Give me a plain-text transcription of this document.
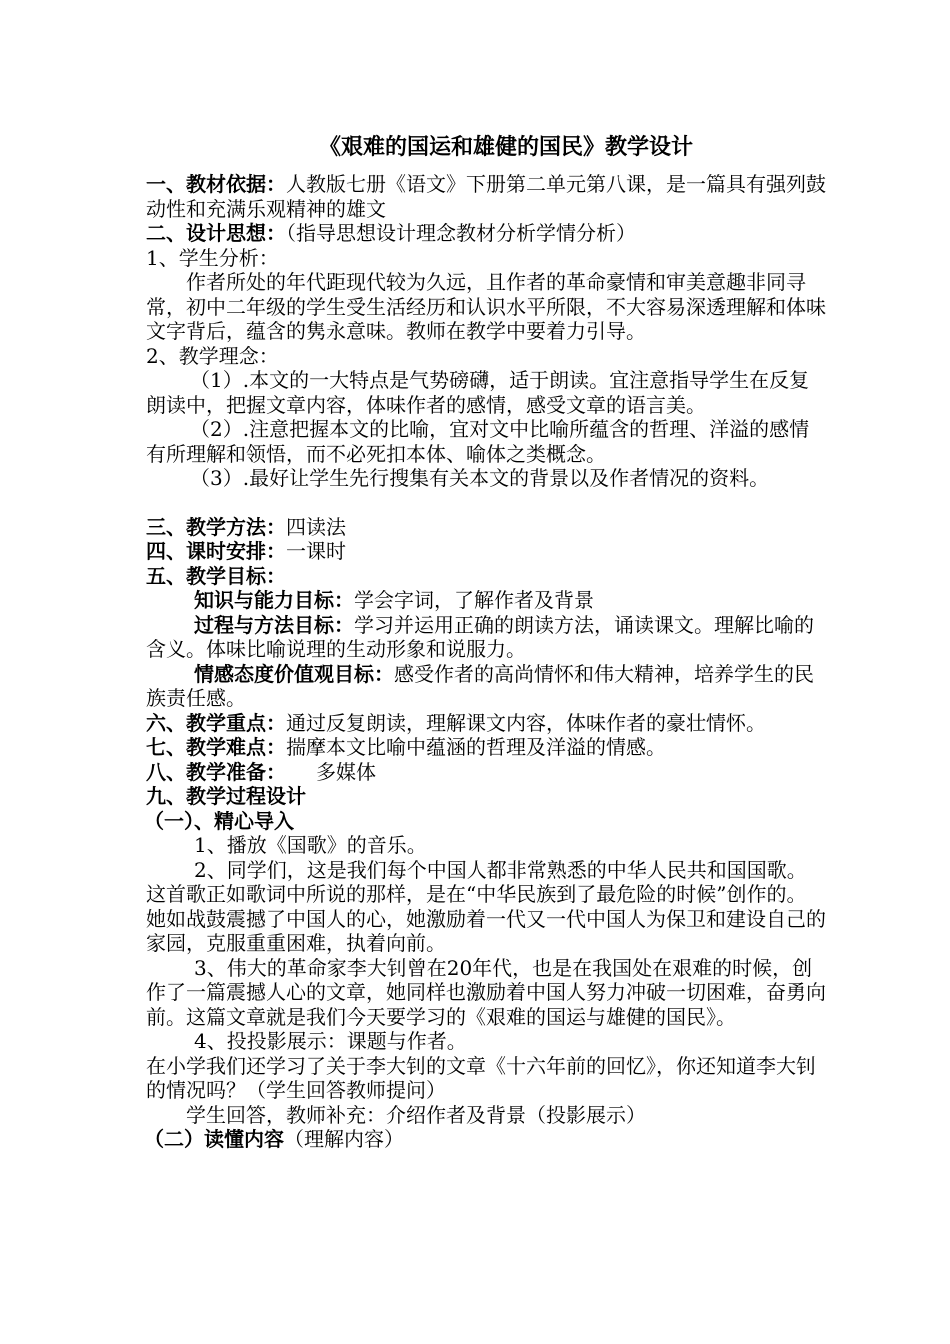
《艰难的国运和雄健的国民》教学设计

一、教材依据：人教版七册《语文》下册第二单元第八课，是一篇具有强列鼓动性和充满乐观精神的雄文

二、设计思想：（指导思想设计理念教材分析学情分析）

1、学生分析：

作者所处的年代距现代较为久远，且作者的革命豪情和审美意趣非同寻常，初中二年级的学生受生活经历和认识水平所限，不大容易深透理解和体味文字背后，蕴含的隽永意味。教师在教学中要着力引导。

2、教学理念：

（1）.本文的一大特点是气势磅礴，适于朗读。宜注意指导学生在反复朗读中，把握文章内容，体味作者的感情，感受文章的语言美。

（2）.注意把握本文的比喻，宜对文中比喻所蕴含的哲理、洋溢的感情有所理解和领悟，而不必死扣本体、喻体之类概念。

（3）.最好让学生先行搜集有关本文的背景以及作者情况的资料。

三、教学方法：四读法

四、课时安排：一课时

五、教学目标：

知识与能力目标：学会字词，了解作者及背景

过程与方法目标：学习并运用正确的朗读方法，诵读课文。理解比喻的含义。体味比喻说理的生动形象和说服力。

情感态度价值观目标：感受作者的高尚情怀和伟大精神，培养学生的民族责任感。

六、教学重点：通过反复朗读，理解课文内容，体味作者的豪壮情怀。

七、教学难点：揣摩本文比喻中蕴涵的哲理及洋溢的情感。

八、教学准备： 多媒体

九、教学过程设计

（一）、精心导入

1、播放《国歌》的音乐。

2、同学们，这是我们每个中国人都非常熟悉的中华人民共和国国歌。这首歌正如歌词中所说的那样，是在“中华民族到了最危险的时候”创作的。她如战鼓震撼了中国人的心，她激励着一代又一代中国人为保卫和建设自己的家园，克服重重困难，执着向前。

3、伟大的革命家李大钊曾在20年代，也是在我国处在艰难的时候，创作了一篇震撼人心的文章，她同样也激励着中国人努力冲破一切困难，奋勇向前。这篇文章就是我们今天要学习的《艰难的国运与雄健的国民》。

4、投投影展示：课题与作者。

在小学我们还学习了关于李大钊的文章《十六年前的回忆》，你还知道李大钊的情况吗？（学生回答教师提问）

学生回答，教师补充：介绍作者及背景（投影展示）

（二）读懂内容（理解内容）
